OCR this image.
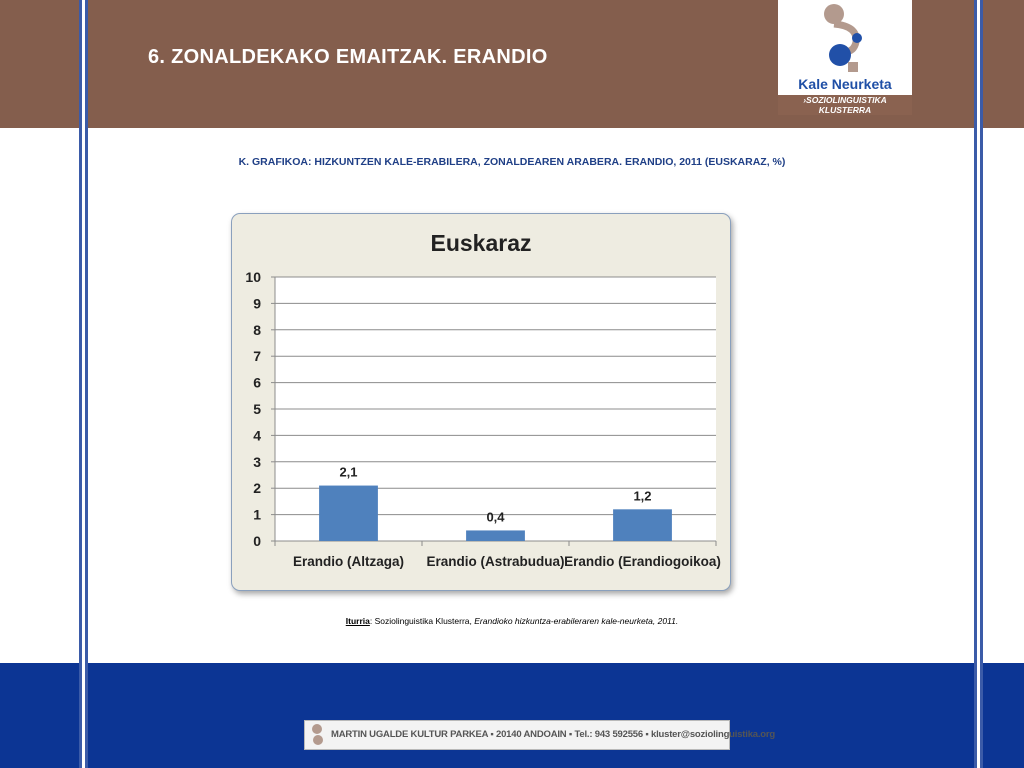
6. ZONALDEKAKO EMAITZAK. ERANDIO
Kale Neurketa
›SOZIOLINGUISTIKA KLUSTERRA
K. GRAFIKOA: HIZKUNTZEN KALE-ERABILERA, ZONALDEAREN ARABERA. ERANDIO, 2011 (EUSKARAZ, %)
Euskaraz
0
1
2
3
4
5
6
7
8
9
10
2,1
Erandio (Altzaga)
0,4
Erandio (Astrabudua)
1,2
Erandio (Erandiogoikoa)
Iturria: Soziolinguistika Klusterra, Erandioko hizkuntza-erabileraren kale-neurketa, 2011.
MARTIN UGALDE KULTUR PARKEA ▪ 20140 ANDOAIN ▪ Tel.: 943 592556 ▪ kluster@soziolinguistika.org
